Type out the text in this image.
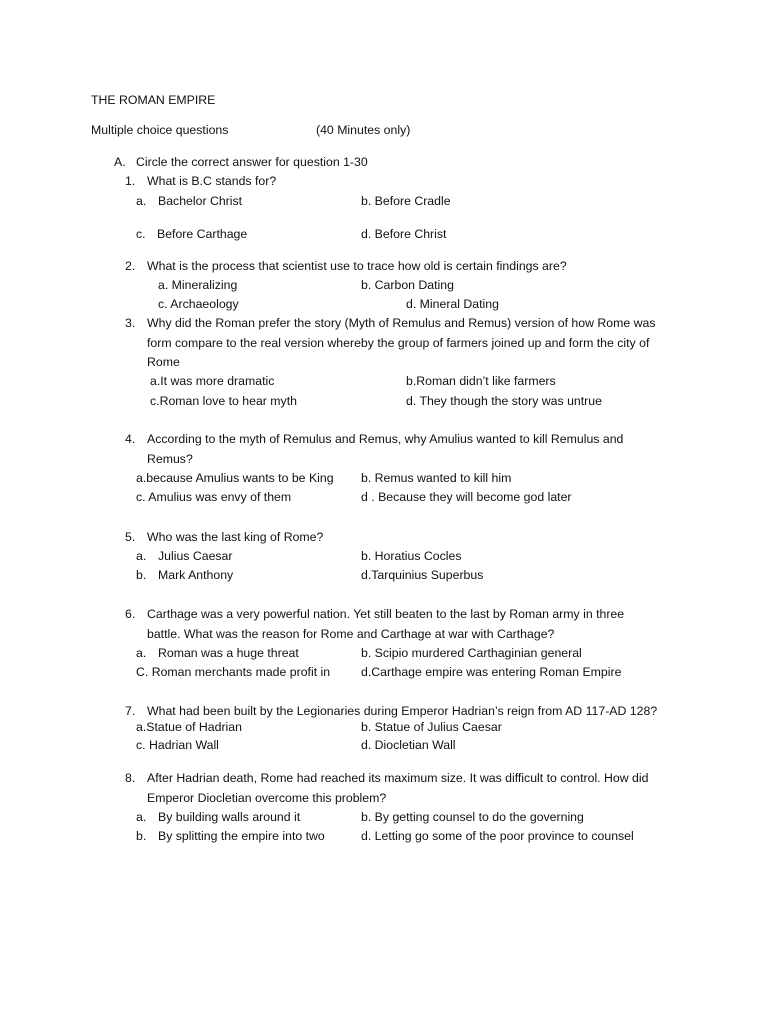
THE ROMAN EMPIRE
Multiple choice questions	(40 Minutes only)
A. Circle the correct answer for question 1-30
1. What is B.C stands for?
a. Bachelor Christ	b. Before Cradle
c. Before Carthage	d. Before Christ
2. What is the process that scientist use to trace how old is certain findings are?
a. Mineralizing	b. Carbon Dating
c. Archaeology	d. Mineral Dating
3. Why did the Roman prefer the story (Myth of Remulus and Remus) version of how Rome was
form compare to the real version whereby the group of farmers joined up and form the city of
Rome
a.It was more dramatic	b.Roman didn’t like farmers
c.Roman love to hear myth	d. They though the story was untrue
4. According to the myth of Remulus and Remus, why Amulius wanted to kill Remulus and
Remus?
a.because Amulius wants to be King b. Remus wanted to kill him
c. Amulius was envy of them	d . Because they will become god later
5. Who was the last king of Rome?
a. Julius Caesar	b. Horatius Cocles
b. Mark Anthony	d.Tarquinius Superbus
6. Carthage was a very powerful nation. Yet still beaten to the last by Roman army in three
battle. What was the reason for Rome and Carthage at war with Carthage?
a. Roman was a huge threat	b. Scipio murdered Carthaginian general
C. Roman merchants made profit in	d.Carthage empire was entering Roman Empire
7. What had been built by the Legionaries during Emperor Hadrian’s reign from AD 117-AD 128?
a.Statue of Hadrian	b. Statue of Julius Caesar
c. Hadrian Wall	d. Diocletian Wall
8. After Hadrian death, Rome had reached its maximum size. It was difficult to control. How did
Emperor Diocletian overcome this problem?
a. By building walls around it	b. By getting counsel to do the governing
b. By splitting the empire into two	d. Letting go some of the poor province to counsel
